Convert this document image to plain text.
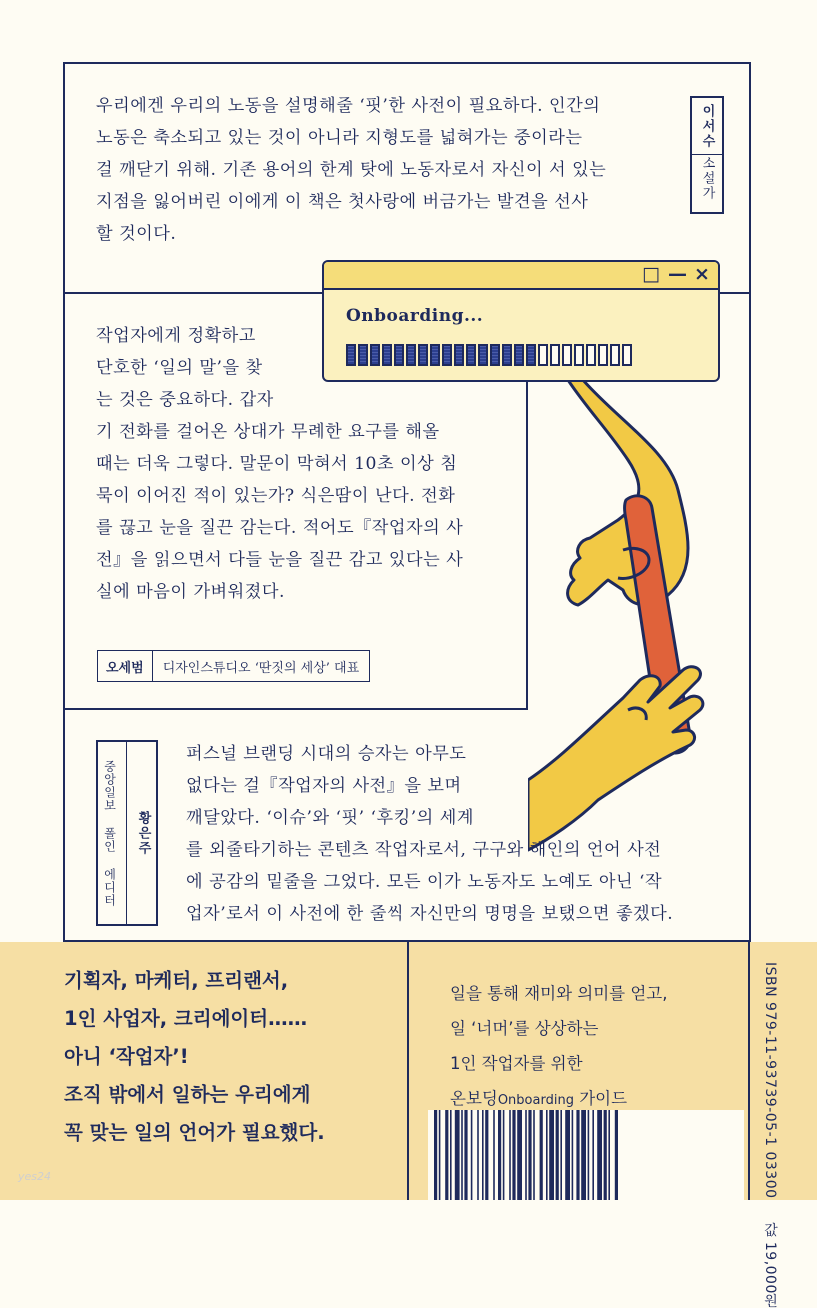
우리에겐 우리의 노동을 설명해줄 ‘핏’한 사전이 필요하다. 인간의
노동은 축소되고 있는 것이 아니라 지형도를 넓혀가는 중이라는
걸 깨닫기 위해. 기존 용어의 한계 탓에 노동자로서 자신이 서 있는
지점을 잃어버린 이에게 이 책은 첫사랑에 버금가는 발견을 선사
할 것이다.
이서수
소설가
작업자에게 정확하고
단호한 ‘일의 말’을 찾
는 것은 중요하다. 갑자
기 전화를 걸어온 상대가 무례한 요구를 해올
때는 더욱 그렇다. 말문이 막혀서 10초 이상 침
묵이 이어진 적이 있는가? 식은땀이 난다. 전화
를 끊고 눈을 질끈 감는다. 적어도『작업자의 사
전』을 읽으면서 다들 눈을 질끈 감고 있다는 사
실에 마음이 가벼워졌다.
오세범	디자인스튜디오 ‘딴짓의 세상’ 대표
□ — ×
Onboarding...
퍼스널 브랜딩 시대의 승자는 아무도
없다는 걸『작업자의 사전』을 보며
깨달았다. ‘이슈’와 ‘핏’ ‘후킹’의 세계
를 외줄타기하는 콘텐츠 작업자로서, 구구와 해인의 언어 사전
에 공감의 밑줄을 그었다. 모든 이가 노동자도 노예도 아닌 ‘작
업자’로서 이 사전에 한 줄씩 자신만의 명명을 보탰으면 좋겠다.
중앙일보 폴인 에디터 황은주
기획자, 마케터, 프리랜서,
1인 사업자, 크리에이터……
아니 ‘작업자’!
조직 밖에서 일하는 우리에게
꼭 맞는 일의 언어가 필요했다.
일을 통해 재미와 의미를 얻고,
일 ‘너머’를 상상하는
1인 작업자를 위한
온보딩Onboarding 가이드	ISBN 979-11-93739-05-1 03300  값 19,000원
yes24
